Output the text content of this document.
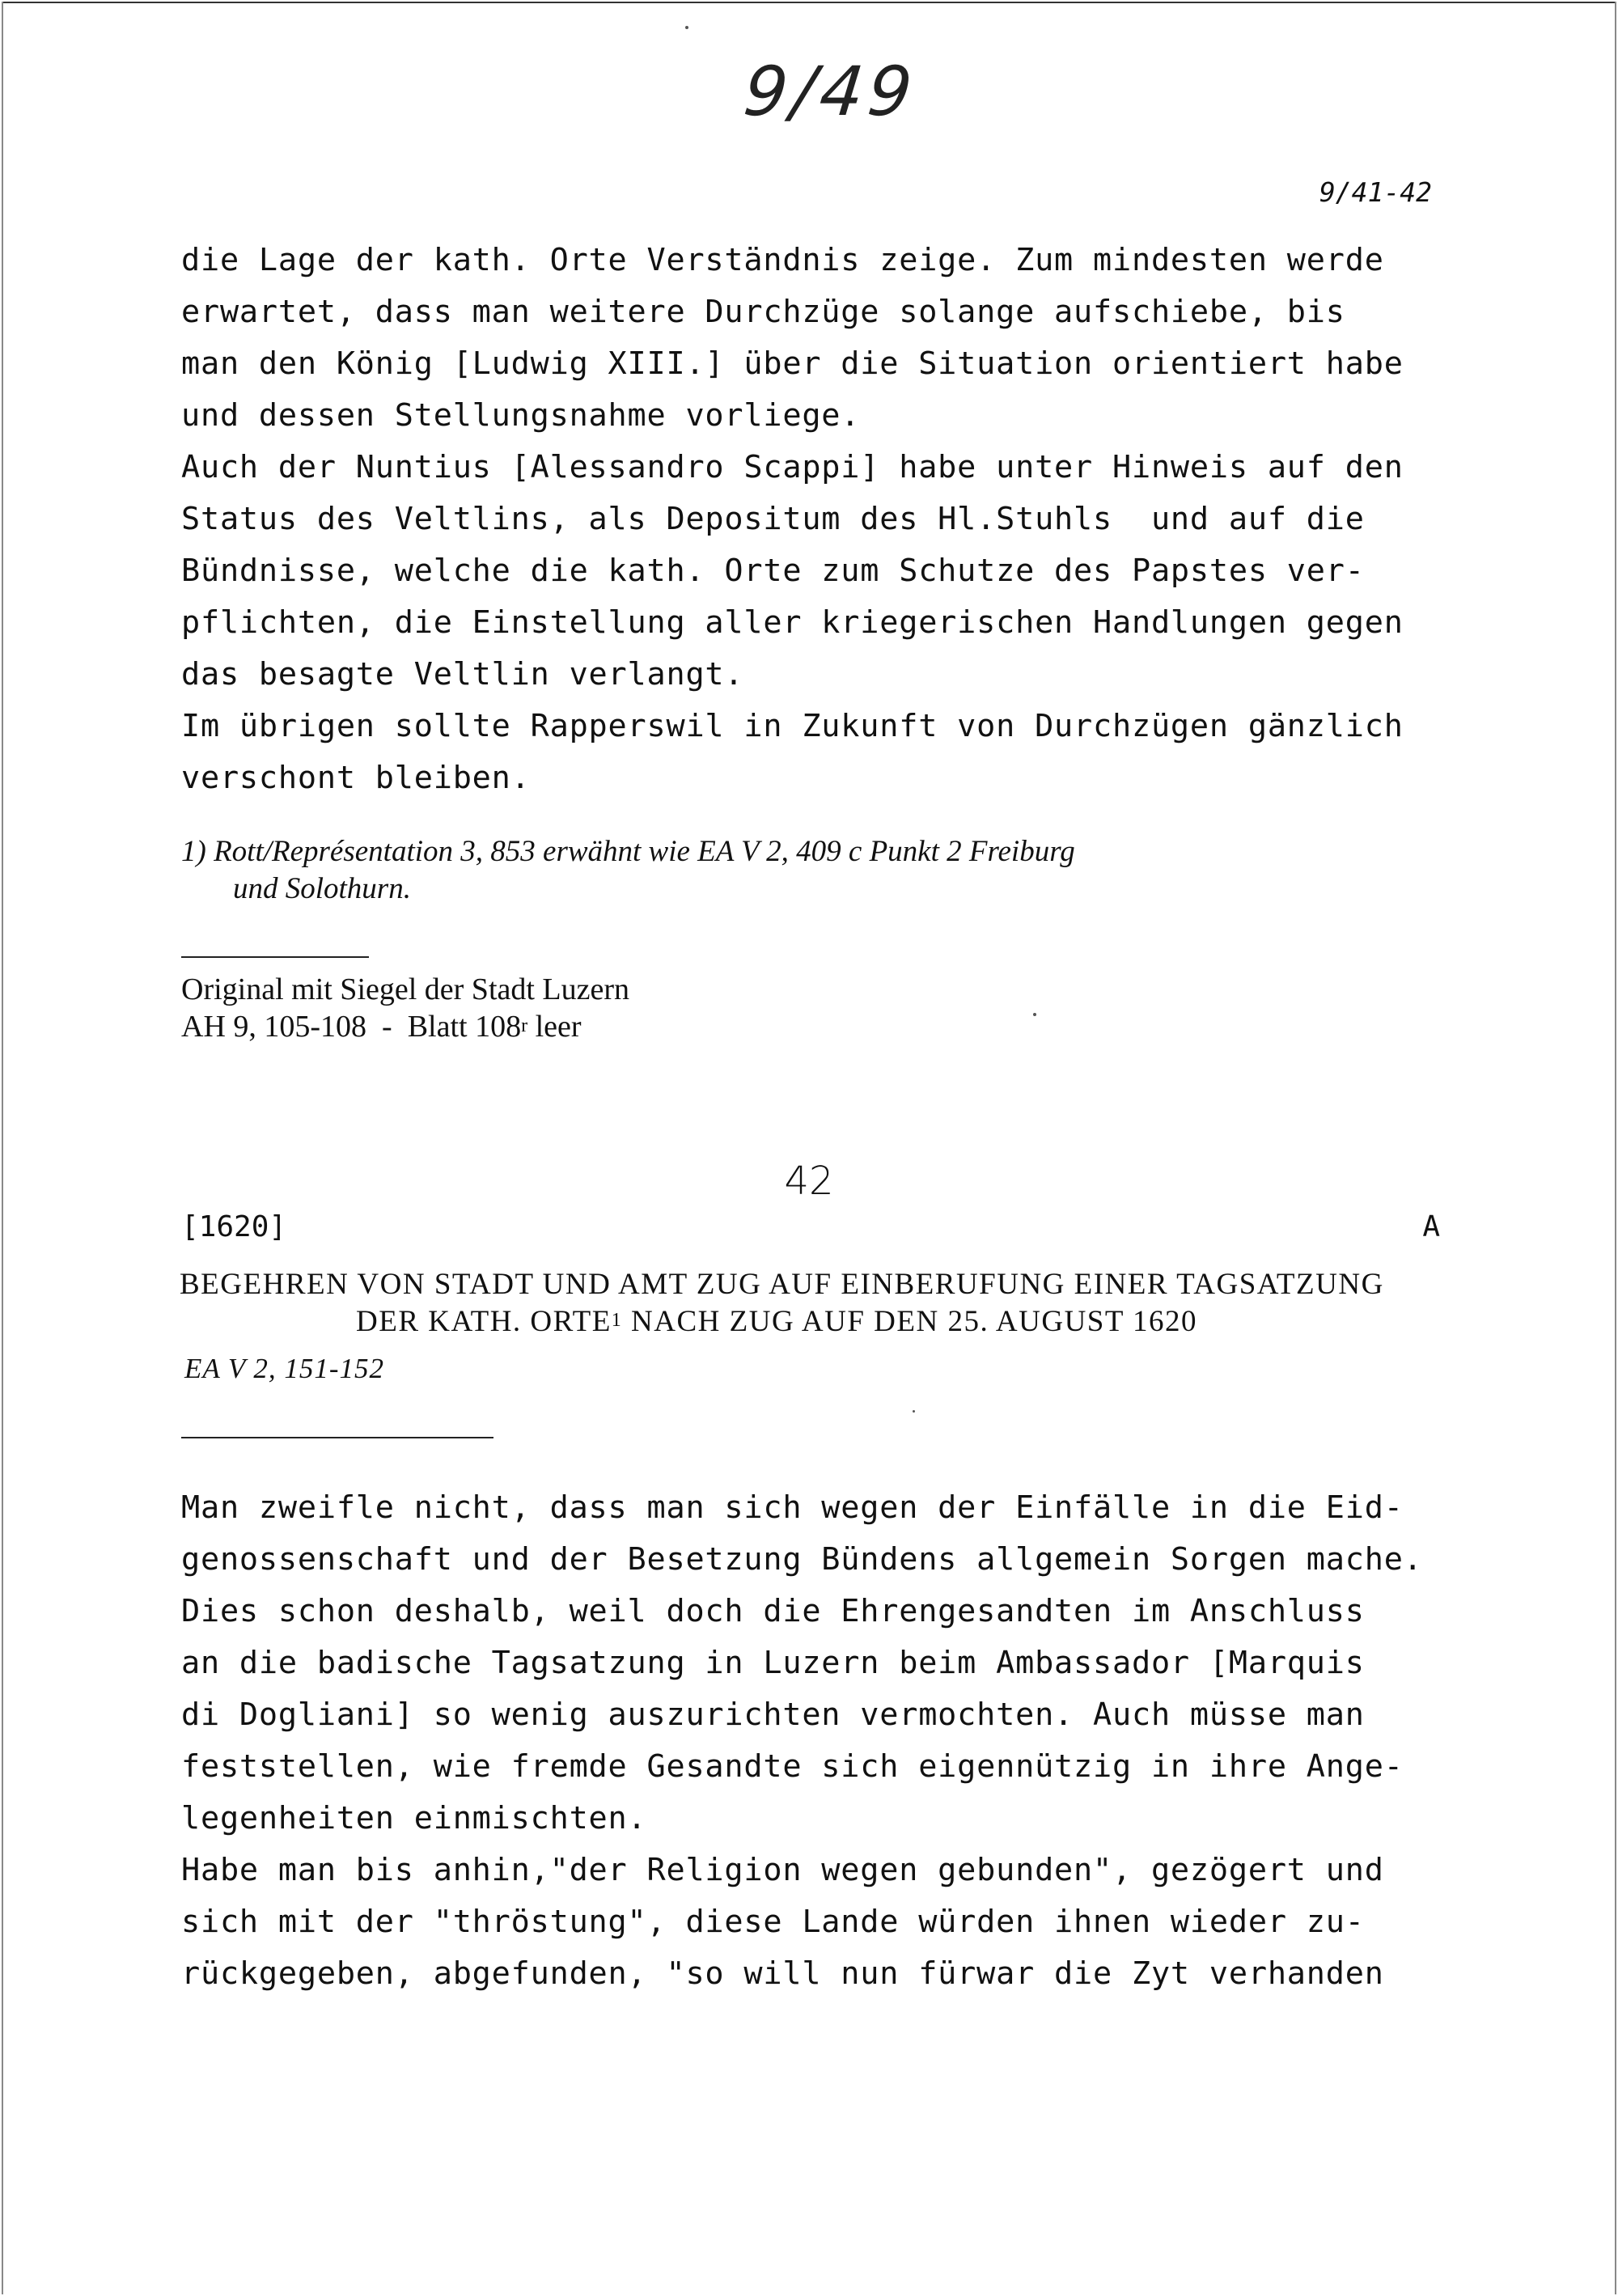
9/49
9/41-42
die Lage der kath. Orte Verständnis zeige. Zum mindesten werde
erwartet, dass man weitere Durchzüge solange aufschiebe, bis
man den König [Ludwig XIII.] über die Situation orientiert habe
und dessen Stellungsnahme vorliege.
Auch der Nuntius [Alessandro Scappi] habe unter Hinweis auf den
Status des Veltlins, als Depositum des Hl.Stuhls  und auf die
Bündnisse, welche die kath. Orte zum Schutze des Papstes ver-
pflichten, die Einstellung aller kriegerischen Handlungen gegen
das besagte Veltlin verlangt.
Im übrigen sollte Rapperswil in Zukunft von Durchzügen gänzlich
verschont bleiben.
1) Rott/Représentation 3, 853 erwähnt wie EA V 2, 409 c Punkt 2 Freiburg
und Solothurn.
Original mit Siegel der Stadt Luzern
AH 9, 105-108  -  Blatt 108$^r$ leer
42
[1620]	A
BEGEHREN VON STADT UND AMT ZUG AUF EINBERUFUNG EINER TAGSATZUNG
DER KATH. ORTE$^1$ NACH ZUG AUF DEN 25. AUGUST 1620
EA V 2, 151-152
Man zweifle nicht, dass man sich wegen der Einfälle in die Eid-
genossenschaft und der Besetzung Bündens allgemein Sorgen mache.
Dies schon deshalb, weil doch die Ehrengesandten im Anschluss
an die badische Tagsatzung in Luzern beim Ambassador [Marquis
di Dogliani] so wenig auszurichten vermochten. Auch müsse man
feststellen, wie fremde Gesandte sich eigennützig in ihre Ange-
legenheiten einmischten.
Habe man bis anhin,"der Religion wegen gebunden", gezögert und
sich mit der "thröstung", diese Lande würden ihnen wieder zu-
rückgegeben, abgefunden, "so will nun fürwar die Zyt verhanden
